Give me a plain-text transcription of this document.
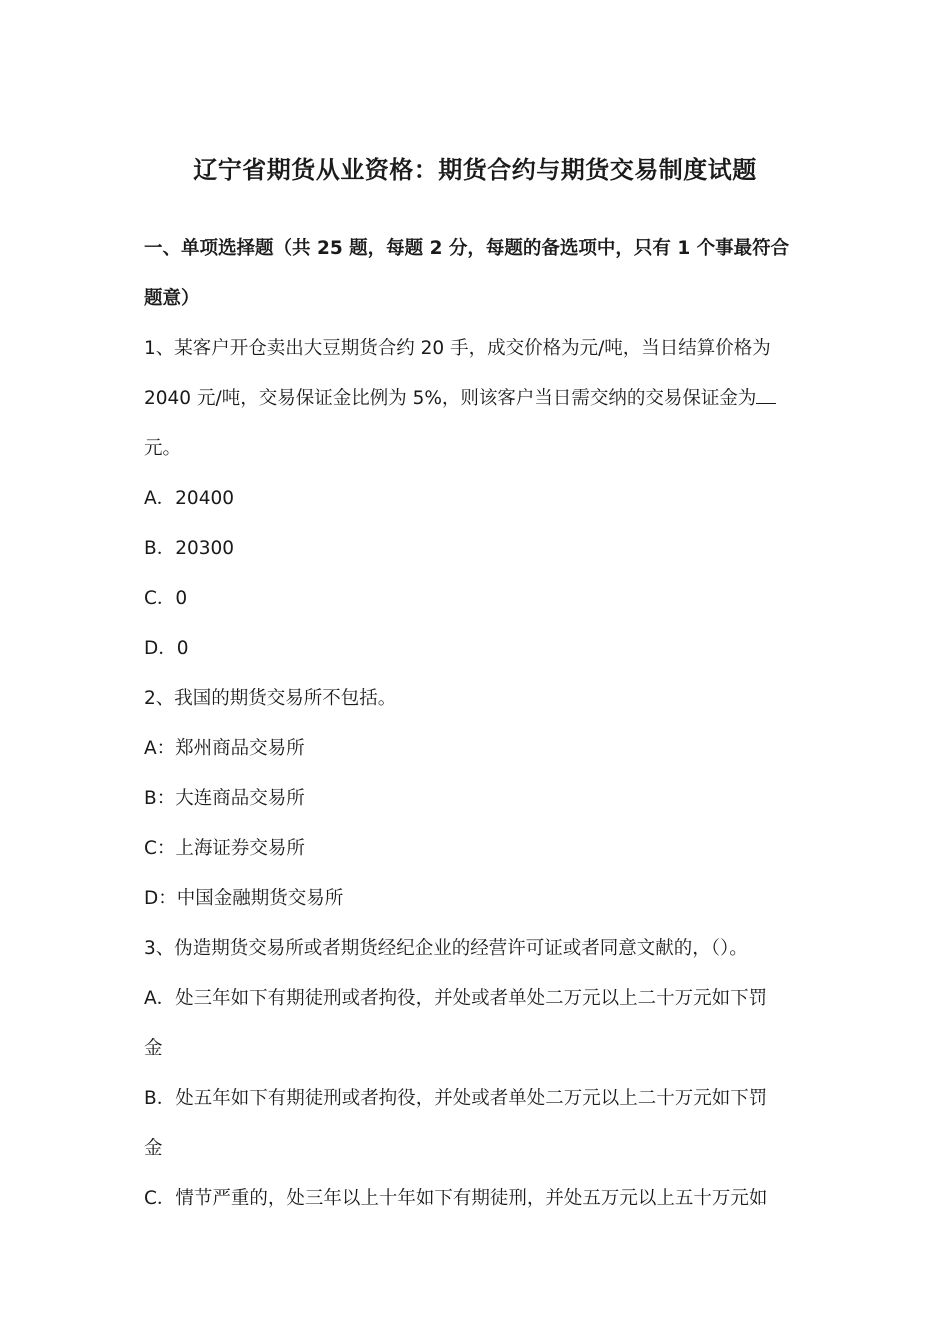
辽宁省期货从业资格：期货合约与期货交易制度试题

一、单项选择题（共 25 题，每题 2 分，每题的备选项中，只有 1 个事最符合

题意）

1、某客户开仓卖出大豆期货合约 20 手，成交价格为元/吨，当日结算价格为

2040 元/吨，交易保证金比例为 5%，则该客户当日需交纳的交易保证金为

元。

A．20400

B．20300

C．0

D．0

2、我国的期货交易所不包括。

A：郑州商品交易所

B：大连商品交易所

C：上海证券交易所

D：中国金融期货交易所

3、伪造期货交易所或者期货经纪企业的经营许可证或者同意文献的，（）。

A．处三年如下有期徒刑或者拘役，并处或者单处二万元以上二十万元如下罚

金

B．处五年如下有期徒刑或者拘役，并处或者单处二万元以上二十万元如下罚

金

C．情节严重的，处三年以上十年如下有期徒刑，并处五万元以上五十万元如
